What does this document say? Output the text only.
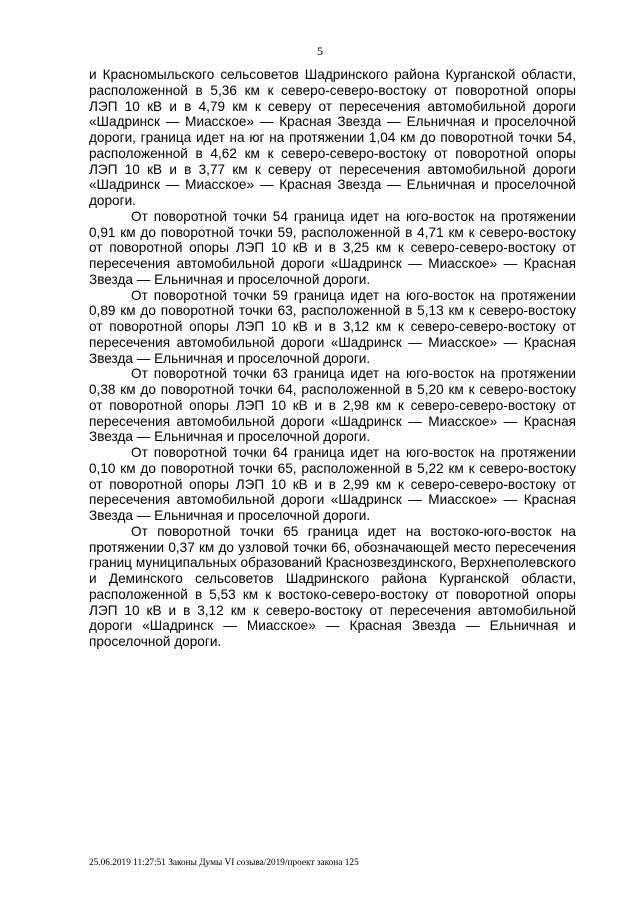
5

и Красномыльского сельсоветов Шадринского района Курганской области, расположенной в 5,36 км к северо-северо-востоку от поворотной опоры ЛЭП 10 кВ и в 4,79 км к северу от пересечения автомобильной дороги «Шадринск — Миасское» — Красная Звезда — Ельничная и проселочной дороги, граница идет на юг на протяжении 1,04 км до поворотной точки 54, расположенной в 4,62 км к северо-северо-востоку от поворотной опоры ЛЭП 10 кВ и в 3,77 км к северу от пересечения автомобильной дороги «Шадринск — Миасское» — Красная Звезда — Ельничная и проселочной дороги.

От поворотной точки 54 граница идет на юго-восток на протяжении 0,91 км до поворотной точки 59, расположенной в 4,71 км к северо-востоку от поворотной опоры ЛЭП 10 кВ и в 3,25 км к северо-северо-востоку от пересечения автомобильной дороги «Шадринск — Миасское» — Красная Звезда — Ельничная и проселочной дороги.

От поворотной точки 59 граница идет на юго-восток на протяжении 0,89 км до поворотной точки 63, расположенной в 5,13 км к северо-востоку от поворотной опоры ЛЭП 10 кВ и в 3,12 км к северо-северо-востоку от пересечения автомобильной дороги «Шадринск — Миасское» — Красная Звезда — Ельничная и проселочной дороги.

От поворотной точки 63 граница идет на юго-восток на протяжении 0,38 км до поворотной точки 64, расположенной в 5,20 км к северо-востоку от поворотной опоры ЛЭП 10 кВ и в 2,98 км к северо-северо-востоку от пересечения автомобильной дороги «Шадринск — Миасское» — Красная Звезда — Ельничная и проселочной дороги.

От поворотной точки 64 граница идет на юго-восток на протяжении 0,10 км до поворотной точки 65, расположенной в 5,22 км к северо-востоку от поворотной опоры ЛЭП 10 кВ и в 2,99 км к северо-северо-востоку от пересечения автомобильной дороги «Шадринск — Миасское» — Красная Звезда — Ельничная и проселочной дороги.

От поворотной точки 65 граница идет на востоко-юго-восток на протяжении 0,37 км до узловой точки 66, обозначающей место пересечения границ муниципальных образований Краснозвездинского, Верхнеполевского и Деминского сельсоветов Шадринского района Курганской области, расположенной в 5,53 км к востоко-северо-востоку от поворотной опоры ЛЭП 10 кВ и в 3,12 км к северо-востоку от пересечения автомобильной дороги «Шадринск — Миасское» — Красная Звезда — Ельничная и проселочной дороги.

25.06.2019 11:27:51 Законы Думы VI созыва/2019/проект закона 125
